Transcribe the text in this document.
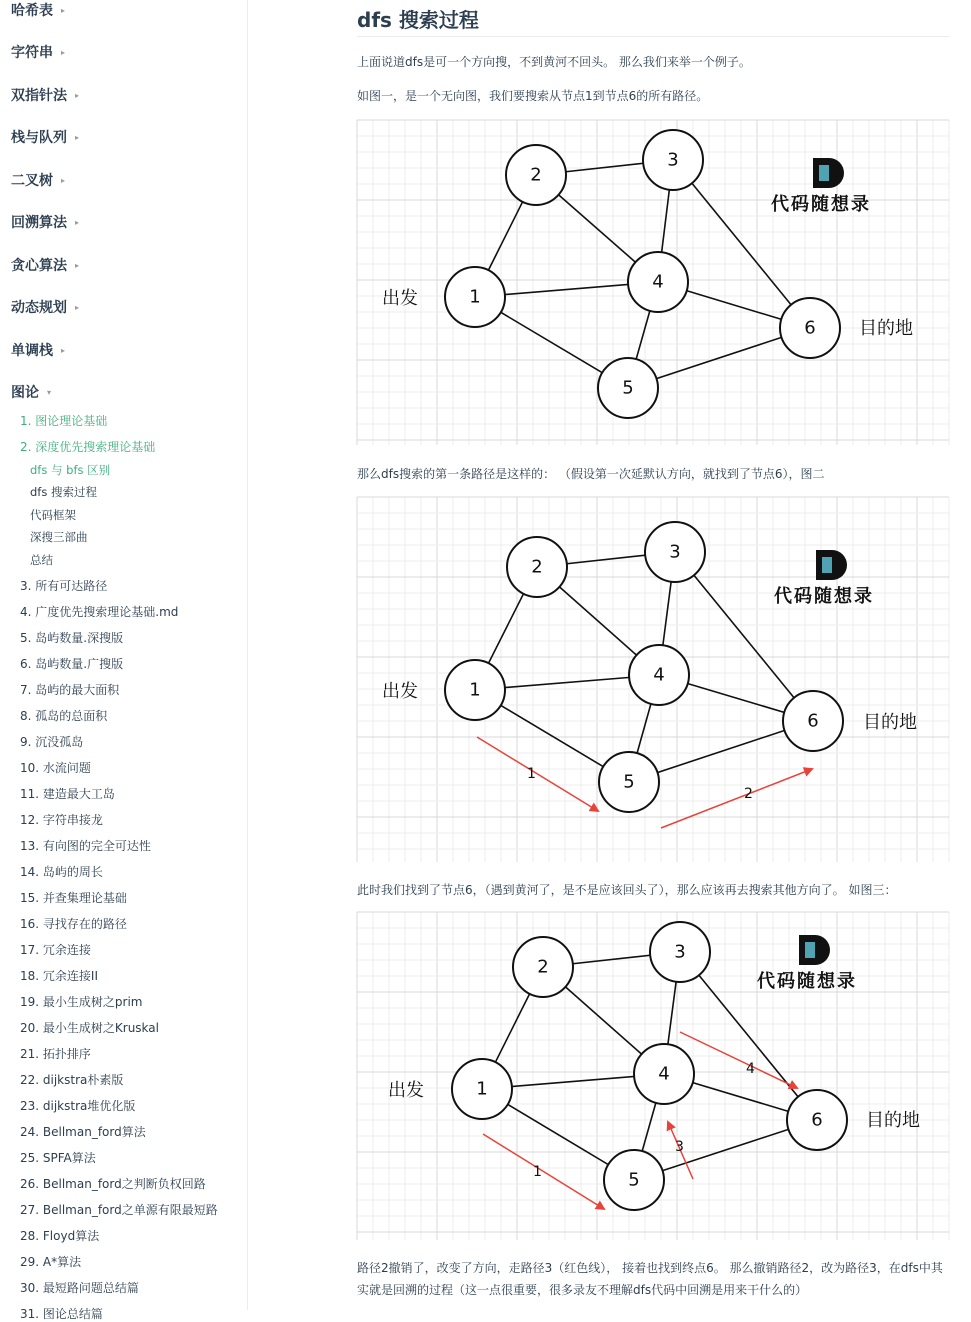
哈希表 ▸
字符串 ▸
双指针法 ▸
栈与队列 ▸
二叉树 ▸
回溯算法 ▸
贪心算法 ▸
动态规划 ▸
单调栈 ▸
图论 ▾
1. 图论理论基础
2. 深度优先搜索理论基础
3. 所有可达路径
4. 广度优先搜索理论基础.md
5. 岛屿数量.深搜版
6. 岛屿数量.广搜版
7. 岛屿的最大面积
8. 孤岛的总面积
9. 沉没孤岛
10. 水流问题
11. 建造最大工岛
12. 字符串接龙
13. 有向图的完全可达性
14. 岛屿的周长
15. 并查集理论基础
16. 寻找存在的路径
17. 冗余连接
18. 冗余连接II
19. 最小生成树之prim
20. 最小生成树之Kruskal
21. 拓扑排序
22. dijkstra朴素版
23. dijkstra堆优化版
24. Bellman_ford算法
25. SPFA算法
26. Bellman_ford之判断负权回路
27. Bellman_ford之单源有限最短路
28. Floyd算法
29. A*算法
30. 最短路问题总结篇
31. 图论总结篇
dfs 与 bfs 区别
dfs 搜索过程
代码框架
深搜三部曲
总结
dfs 搜索过程
上面说道dfs是可一个方向搜，不到黄河不回头。 那么我们来举一个例子。
如图一，是一个无向图，我们要搜索从节点1到节点6的所有路径。
1
2
3
4
5
6
出发
目的地
代码随想录
那么dfs搜索的第一条路径是这样的： （假设第一次延默认方向，就找到了节点6），图二
1
2
3
4
5
6
出发
目的地
代码随想录
1
2
此时我们找到了节点6，（遇到黄河了，是不是应该回头了），那么应该再去搜索其他方向了。 如图三：
1
2
3
4
5
6
出发
目的地
代码随想录
1
3
4
路径2撤销了，改变了方向，走路径3（红色线）， 接着也找到终点6。 那么撤销路径2，改为路径3，在dfs中其实就是回溯的过程（这一点很重要，很多录友不理解dfs代码中回溯是用来干什么的）
